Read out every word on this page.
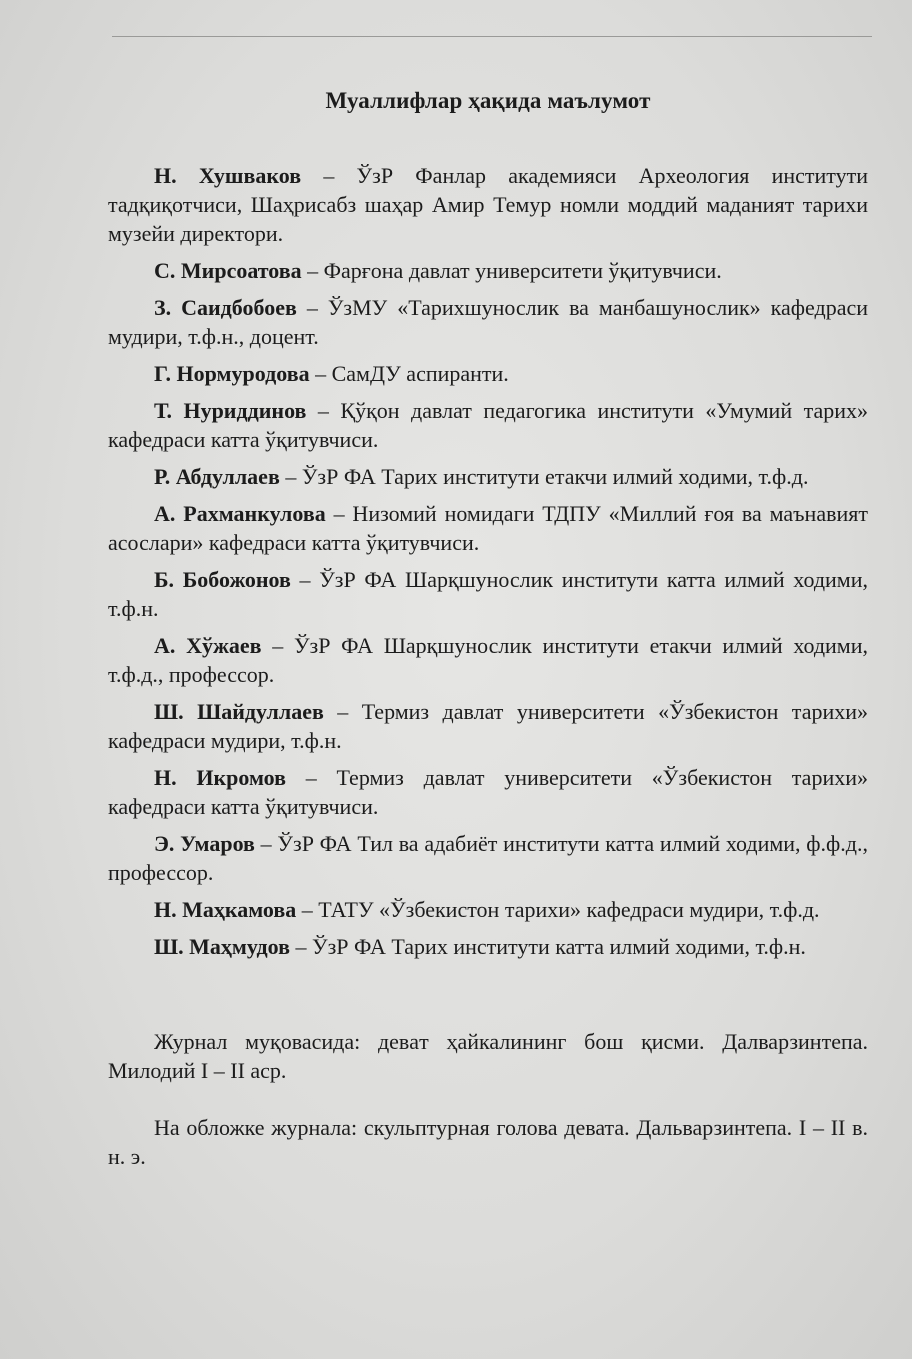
Муаллифлар ҳақида маълумот

Н. Хушваков – ЎзР Фанлар академияси Археология институти тадқиқотчиси, Шаҳрисабз шаҳар Амир Темур номли моддий маданият тарихи музейи директори.

С. Мирсоатова – Фарғона давлат университети ўқитувчиси.

З. Саидбобоев – ЎзМУ «Тарихшунослик ва манбашунослик» кафедраси мудири, т.ф.н., доцент.

Г. Нормуродова – СамДУ аспиранти.

Т. Нуриддинов – Қўқон давлат педагогика институти «Умумий тарих» кафедраси катта ўқитувчиси.

Р. Абдуллаев – ЎзР ФА Тарих институти етакчи илмий ходими, т.ф.д.

А. Рахманкулова – Низомий номидаги ТДПУ «Миллий ғоя ва маънавият асослари» кафедраси катта ўқитувчиси.

Б. Бобожонов – ЎзР ФА Шарқшунослик институти катта илмий ходими, т.ф.н.

А. Хўжаев – ЎзР ФА Шарқшунослик институти етакчи илмий ходими, т.ф.д., профессор.

Ш. Шайдуллаев – Термиз давлат университети «Ўзбекистон тарихи» кафедраси мудири, т.ф.н.

Н. Икромов – Термиз давлат университети «Ўзбекистон тарихи» кафедраси катта ўқитувчиси.

Э. Умаров – ЎзР ФА Тил ва адабиёт институти катта илмий ходими, ф.ф.д., профессор.

Н. Маҳкамова – ТАТУ «Ўзбекистон тарихи» кафедраси мудири, т.ф.д.

Ш. Маҳмудов – ЎзР ФА Тарих институти катта илмий ходими, т.ф.н.

Журнал муқовасида: девaт ҳайкалининг бош қисми. Далварзинтепа. Милодий I – II аср.

На обложке журнала: скульптурная голова девата. Дальварзинтепа. I – II в. н. э.
